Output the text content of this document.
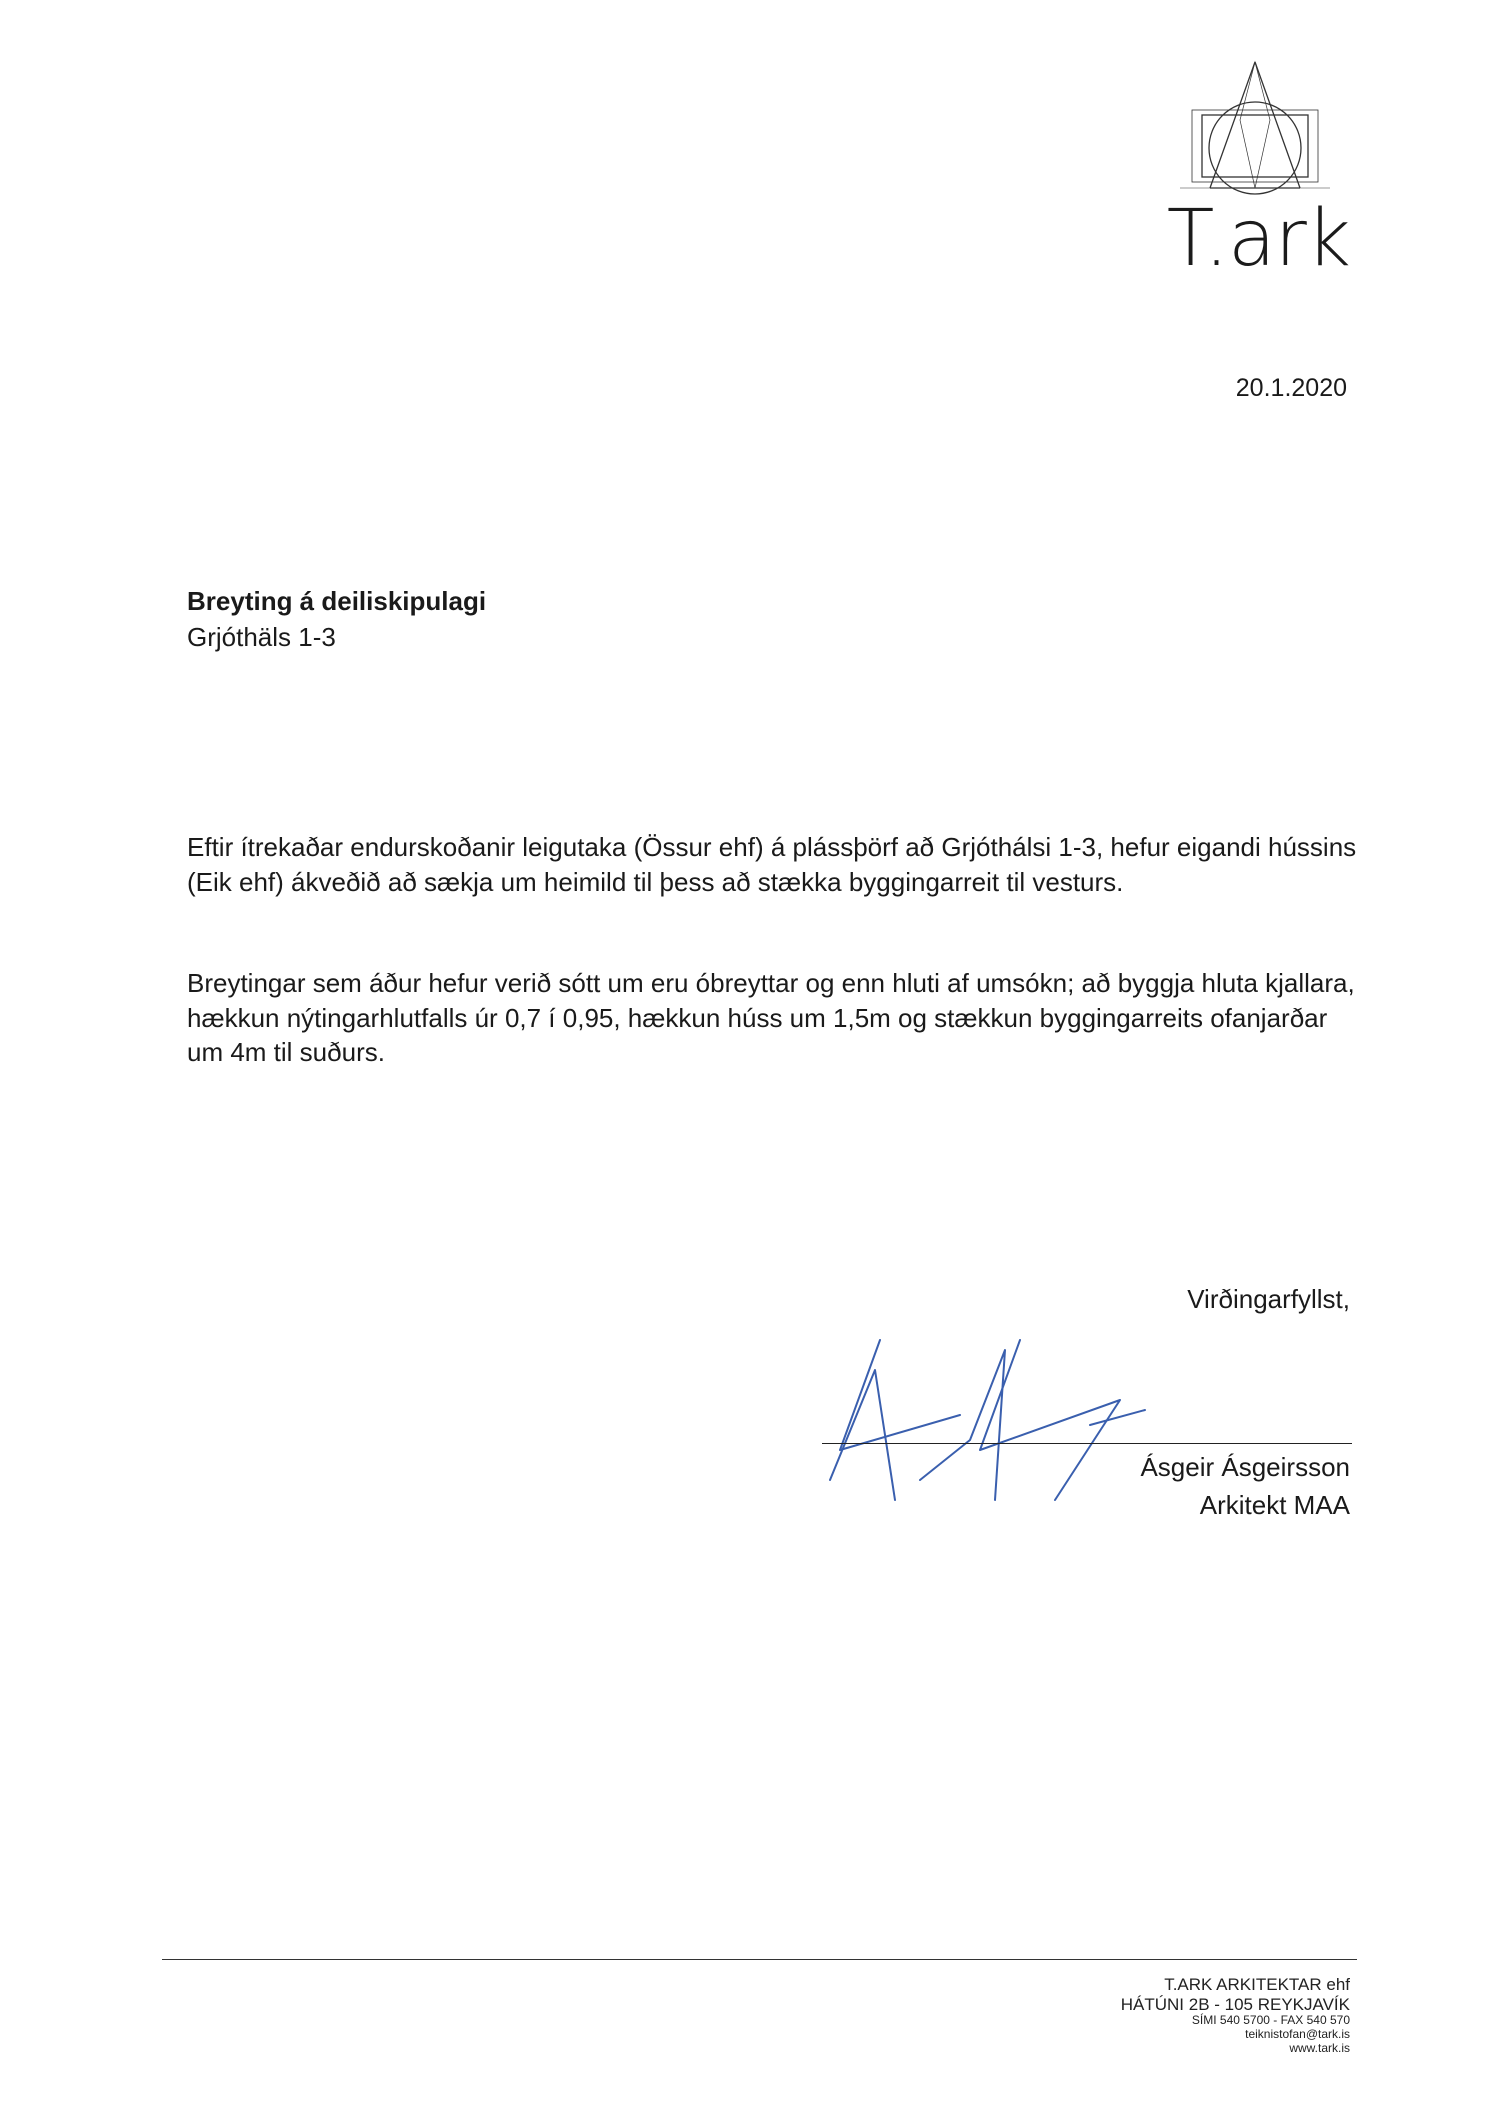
T.ark
20.1.2020
Breyting á deiliskipulagi
Grjóthäls 1-3

Eftir ítrekaðar endurskoðanir leigutaka (Össur ehf) á plássþörf að Grjóthálsi 1-3, hefur eigandi hússins (Eik ehf) ákveðið að sækja um heimild til þess að stækka byggingarreit til vesturs.

Breytingar sem áður hefur verið sótt um eru óbreyttar og enn hluti af umsókn; að byggja hluta kjallara, hækkun nýtingarhlutfalls úr 0,7 í 0,95, hækkun húss um 1,5m og stækkun byggingarreits ofanjarðar um 4m til suðurs.

Virðingarfyllst,
Ásgeir Ásgeirsson
Arkitekt MAA
T.ARK ARKITEKTAR ehf
HÁTÚNI 2B - 105 REYKJAVÍK
SÍMI 540 5700 - FAX 540 570
teiknistofan@tark.is
www.tark.is
